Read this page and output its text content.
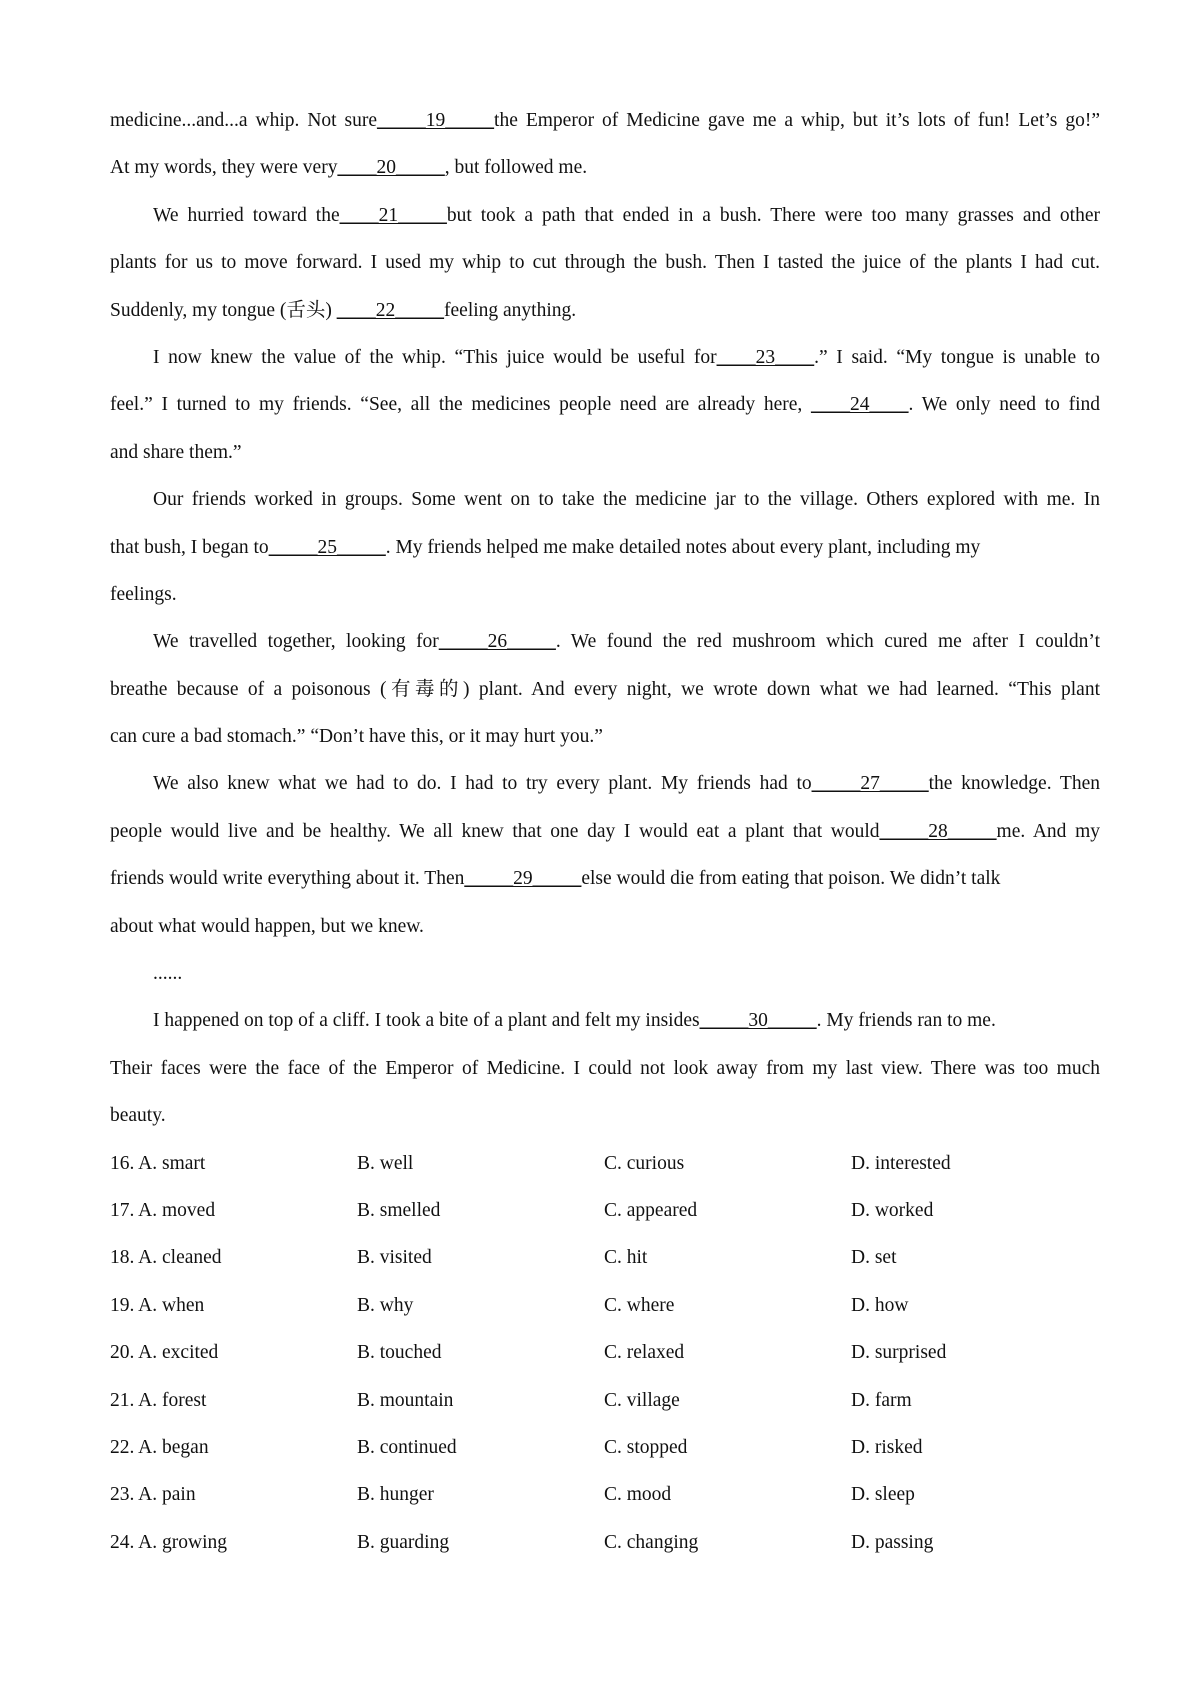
medicine...and...a whip. Not sure_____19_____the Emperor of Medicine gave me a whip, but it’s lots of fun! Let’s go!”
At my words, they were very____20_____, but followed me.
We hurried toward the____21_____but took a path that ended in a bush. There were too many grasses and other
plants for us to move forward. I used my whip to cut through the bush. Then I tasted the juice of the plants I had cut.
Suddenly, my tongue (舌头) ____22_____feeling anything.
I now knew the value of the whip. “This juice would be useful for____23____.” I said. “My tongue is unable to
feel.” I turned to my friends. “See, all the medicines people need are already here, ____24____. We only need to find
and share them.”
Our friends worked in groups. Some went on to take the medicine jar to the village. Others explored with me. In
that bush, I began to_____25_____. My friends helped me make detailed notes about every plant, including my
feelings.
We travelled together, looking for_____26_____. We found the red mushroom which cured me after I couldn’t
breathe because of a poisonous (有毒的) plant. And every night, we wrote down what we had learned. “This plant
can cure a bad stomach.” “Don’t have this, or it may hurt you.”
We also knew what we had to do. I had to try every plant. My friends had to_____27_____the knowledge. Then
people would live and be healthy. We all knew that one day I would eat a plant that would_____28_____me. And my
friends would write everything about it. Then_____29_____else would die from eating that poison. We didn’t talk
about what would happen, but we knew.
......
I happened on top of a cliff. I took a bite of a plant and felt my insides_____30_____. My friends ran to me.
Their faces were the face of the Emperor of Medicine. I could not look away from my last view. There was too much
beauty.
16. A. smart	B. well	C. curious	D. interested
17. A. moved	B. smelled	C. appeared	D. worked
18. A. cleaned	B. visited	C. hit	D. set
19. A. when	B. why	C. where	D. how
20. A. excited	B. touched	C. relaxed	D. surprised
21. A. forest	B. mountain	C. village	D. farm
22. A. began	B. continued	C. stopped	D. risked
23. A. pain	B. hunger	C. mood	D. sleep
24. A. growing	B. guarding	C. changing	D. passing
